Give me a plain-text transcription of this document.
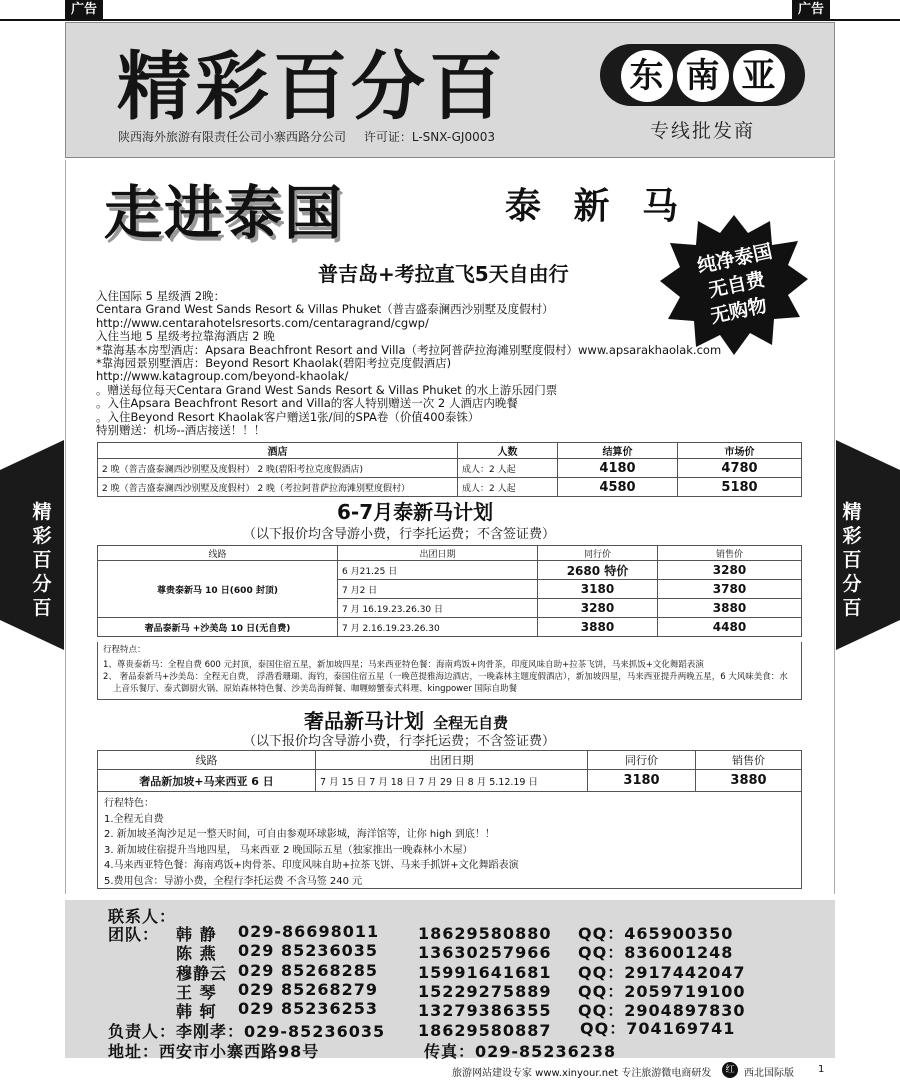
广告	广告
精彩百分百
陕西海外旅游有限责任公司小寨西路分公司 许可证：L-SNX-GJ0003
东 南 亚
专线批发商
精
彩
百
分
百
精
彩
百
分
百
走进泰国	泰 新 马
纯净泰国
无自费
无购物
普吉岛+考拉直飞5天自由行
入住国际 5 星级酒 2晚：
Centara Grand West Sands Resort & Villas Phuket（普吉盛泰澜西沙别墅及度假村）
http://www.centarahotelsresorts.com/centaragrand/cgwp/
入住当地 5 星级考拉靠海酒店 2 晚
*靠海基本房型酒店：Apsara Beachfront Resort and Villa（考拉阿普萨拉海滩别墅度假村）www.apsarakhaolak.com
*靠海园景别墅酒店：Beyond Resort Khaolak(碧阳考拉克度假酒店)
http://www.katagroup.com/beyond-khaolak/
。赠送每位每天Centara Grand West Sands Resort & Villas Phuket 的水上游乐园门票
。入住Apsara Beachfront Resort and Villa的客人特别赠送一次 2 人酒店内晚餐
。入住Beyond Resort Khaolak客户赠送1张/间的SPA卷（价值400泰铢）
特别赠送：机场--酒店接送！！！
酒店	人数	结算价	市场价
2 晚（普吉盛泰澜西沙别墅及度假村） 2 晚(碧阳考拉克度假酒店)	成人：2 人起	4180	4780
2 晚（普吉盛泰澜西沙别墅及度假村） 2 晚（考拉阿普萨拉海滩别墅度假村）	成人：2 人起	4580	5180
6-7月泰新马计划
（以下报价均含导游小费，行李托运费；不含签证费）
线路	出团日期	同行价	销售价
尊贵泰新马 10 日(600 封顶)	6 月21.25 日	2680 特价	3280
	7 月2 日	3180	3780
	7 月 16.19.23.26.30 日	3280	3880
奢品泰新马 +沙美岛 10 日(无自费)	7 月 2.16.19.23.26.30	3880	4480
行程特点：
1、尊贵泰新马：全程自费 600 元封顶，泰国住宿五星，新加坡四星；马来西亚特色餐：海南鸡饭+肉骨茶，印度风味自助+拉茶飞饼，马来抓饭+文化舞蹈表演
2、 奢品泰新马+沙美岛：全程无自费， 浮潜看珊瑚、海钓，泰国住宿五星（一晚芭提雅海边酒店，一晚森林主题度假酒店），新加坡四星，马来西亚提升两晚五星，6 大风味美食：水
上音乐餐厅、泰式御厨火锅、原始森林特色餐、沙美岛海鲜餐、咖喱螃蟹泰式料理、kingpower 国际自助餐
奢品新马计划 全程无自费
（以下报价均含导游小费，行李托运费；不含签证费）
线路	出团日期	同行价	销售价
奢品新加坡+马来西亚 6 日	7 月 15 日 7 月 18 日 7 月 29 日 8 月 5.12.19 日	3180	3880
行程特色：
1.全程无自费
2. 新加坡圣淘沙足足一整天时间，可自由参观环球影城，海洋馆等，让你 high 到底！！
3. 新加坡住宿提升当地四星， 马来西亚 2 晚国际五星（独家推出一晚森林小木屋）
4.马来西亚特色餐：海南鸡饭+肉骨茶、印度风味自助+拉茶飞饼、马来手抓饼+文化舞蹈表演
5.费用包含：导游小费，全程行李托运费 不含马签 240 元
联系人：
团队： 韩 静 029-86698011 18629580880 QQ：465900350
陈 燕 029 85236035 13630257966 QQ：836001248
穆静云 029 85268285 15991641681 QQ：2917442047
王 琴 029 85268279 15229275889 QQ：2059719100
韩 轲 029 85236253 13279386355 QQ：2904897830
负责人：李刚孝：029-85236035 18629580887 QQ：704169741
地址：西安市小寨西路98号	传真：029-85236238
旅游网站建设专家 www.xinyour.net 专注旅游微电商研发	红 西北国际版 1
